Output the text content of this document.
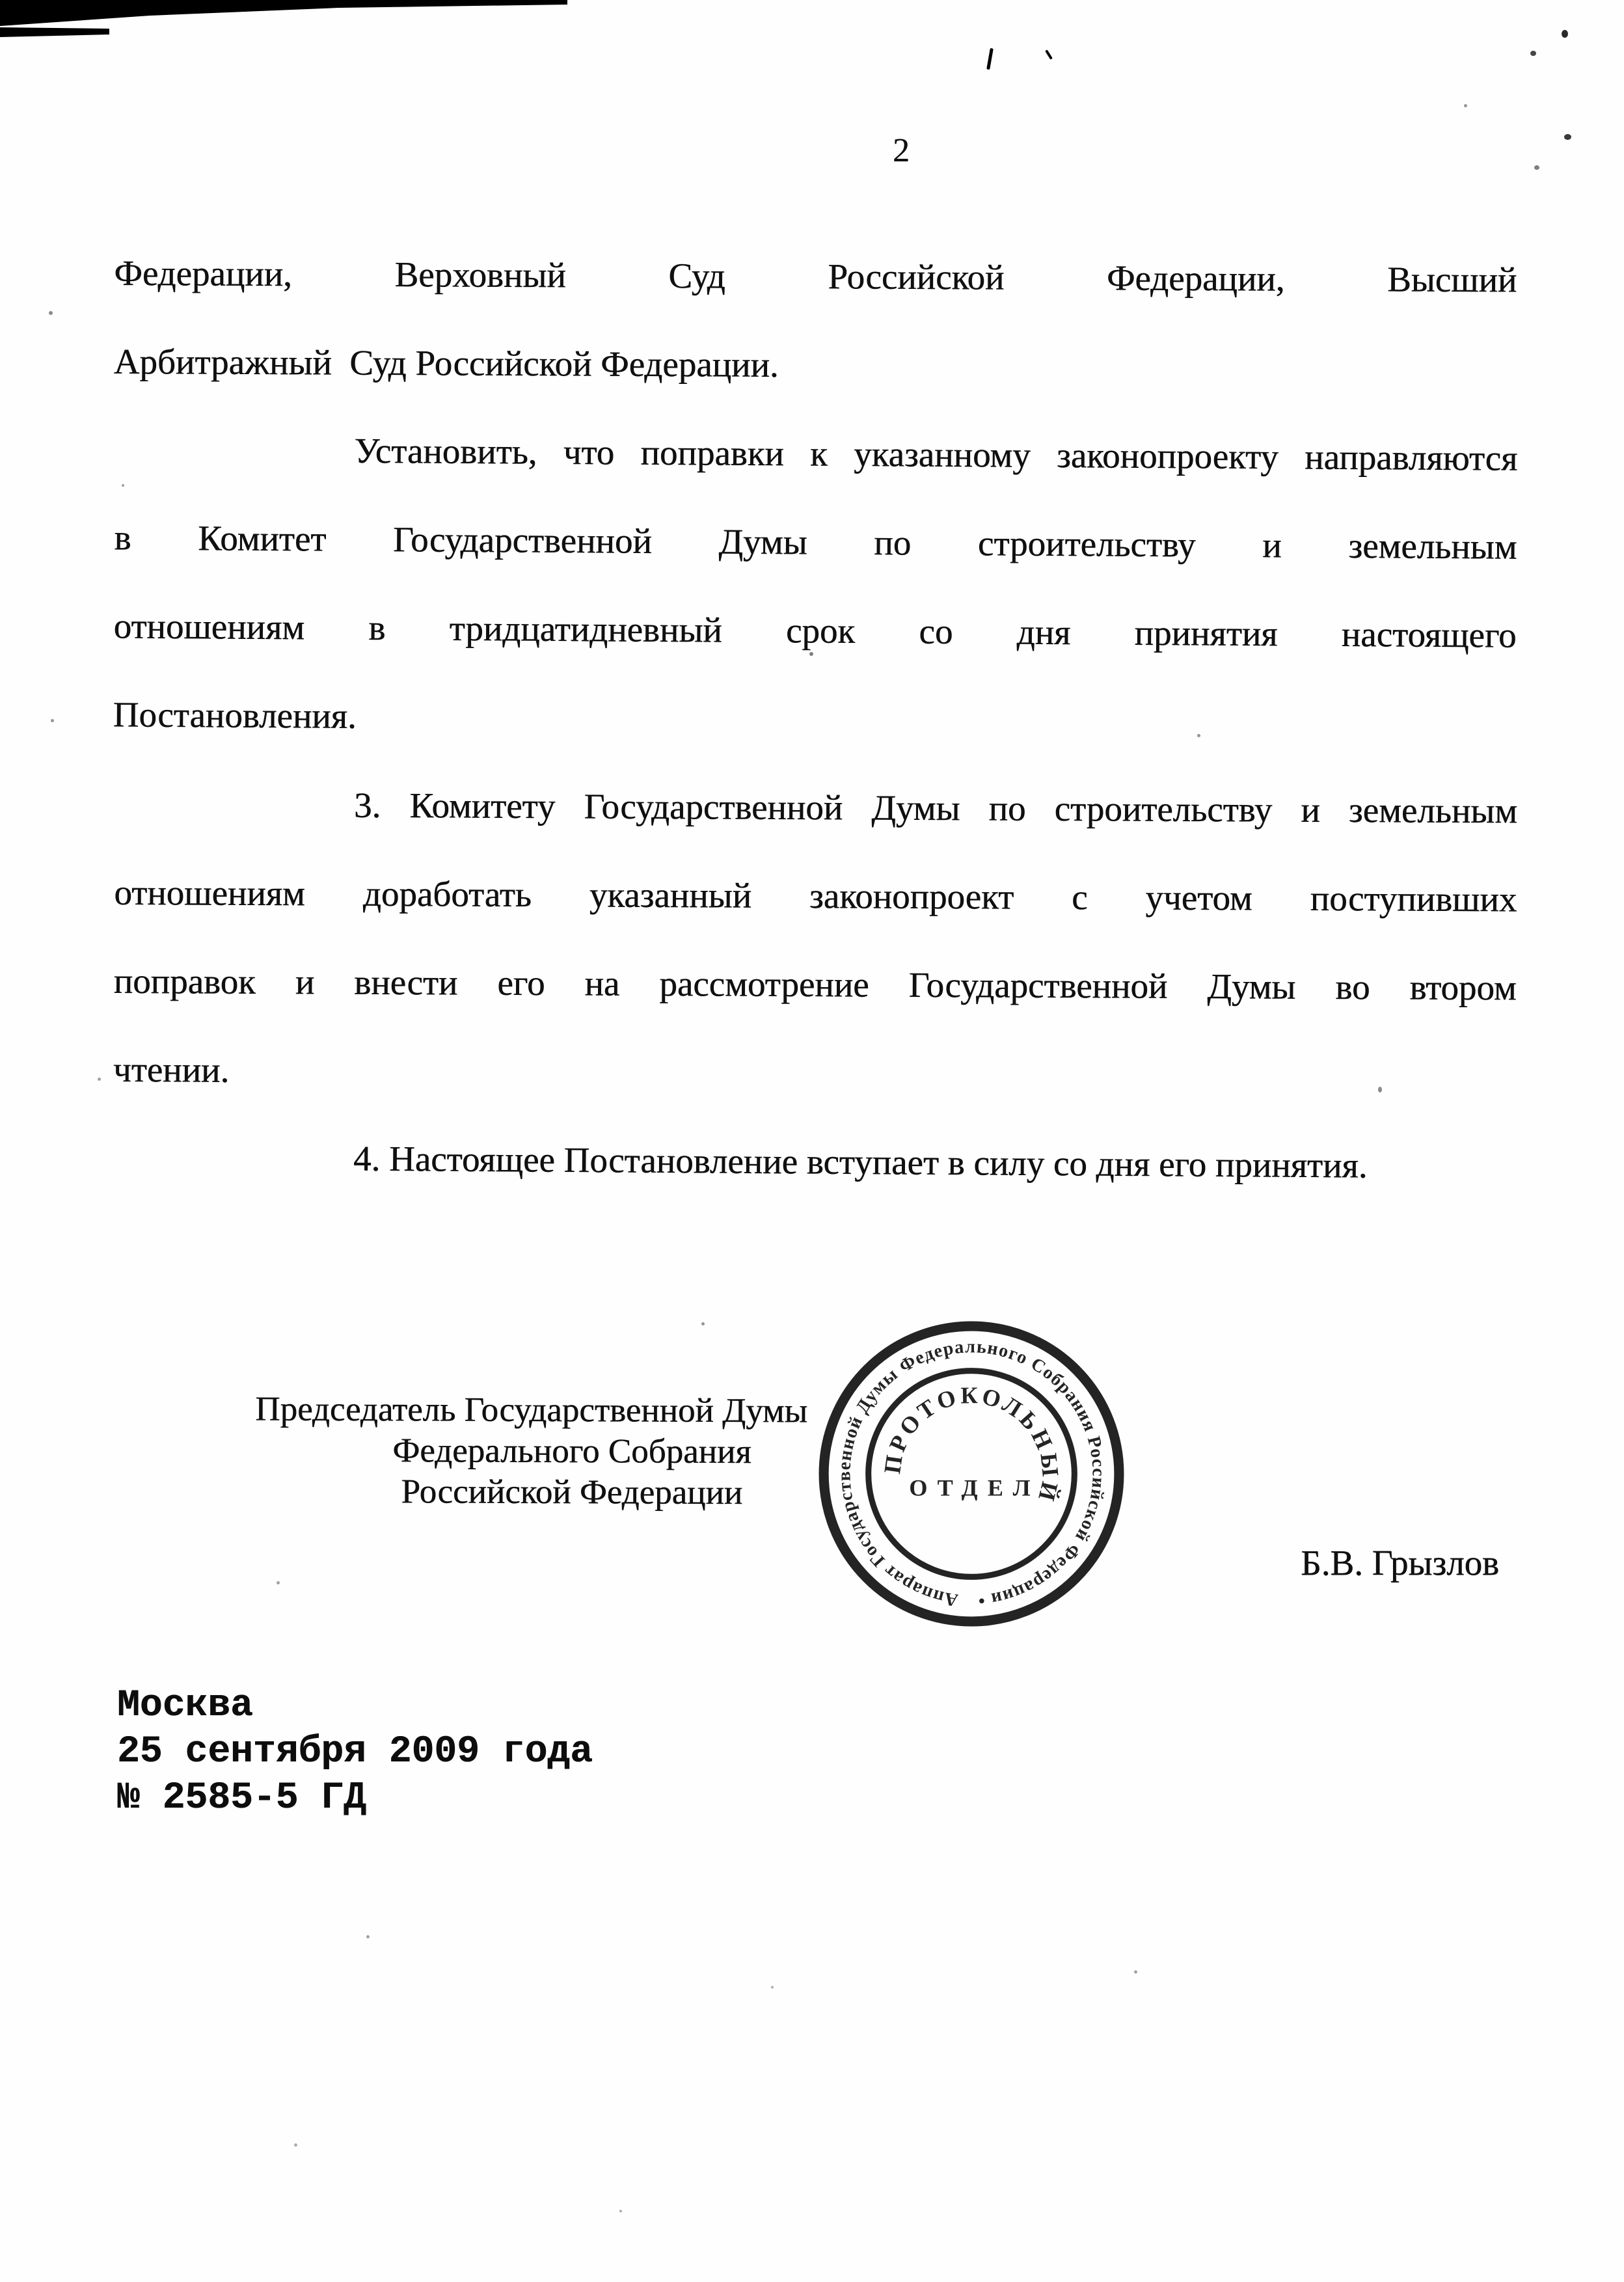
2
Федерации, Верховный Суд Российской Федерации, Высший
Арбитражный  Суд Российской Федерации.
Установить, что поправки к указанному законопроекту направляются
в Комитет Государственной Думы по строительству и земельным
отношениям в тридцатидневный срок со дня принятия настоящего
Постановления.
3. Комитету Государственной Думы по строительству и земельным
отношениям доработать указанный законопроект с учетом поступивших
поправок и внести его на рассмотрение Государственной Думы во втором
чтении.
4. Настоящее Постановление вступает в силу со дня его принятия.
Председатель Государственной Думы
Федерального Собрания
Российской Федерации
Б.В. Грызлов
Аппарат Государственной Думы Федерального Собрания Российской Федерации •
ПРОТОКОЛЬНЫЙ
ОТДЕЛ
Москва
25 сентября 2009 года
№ 2585-5 ГД
